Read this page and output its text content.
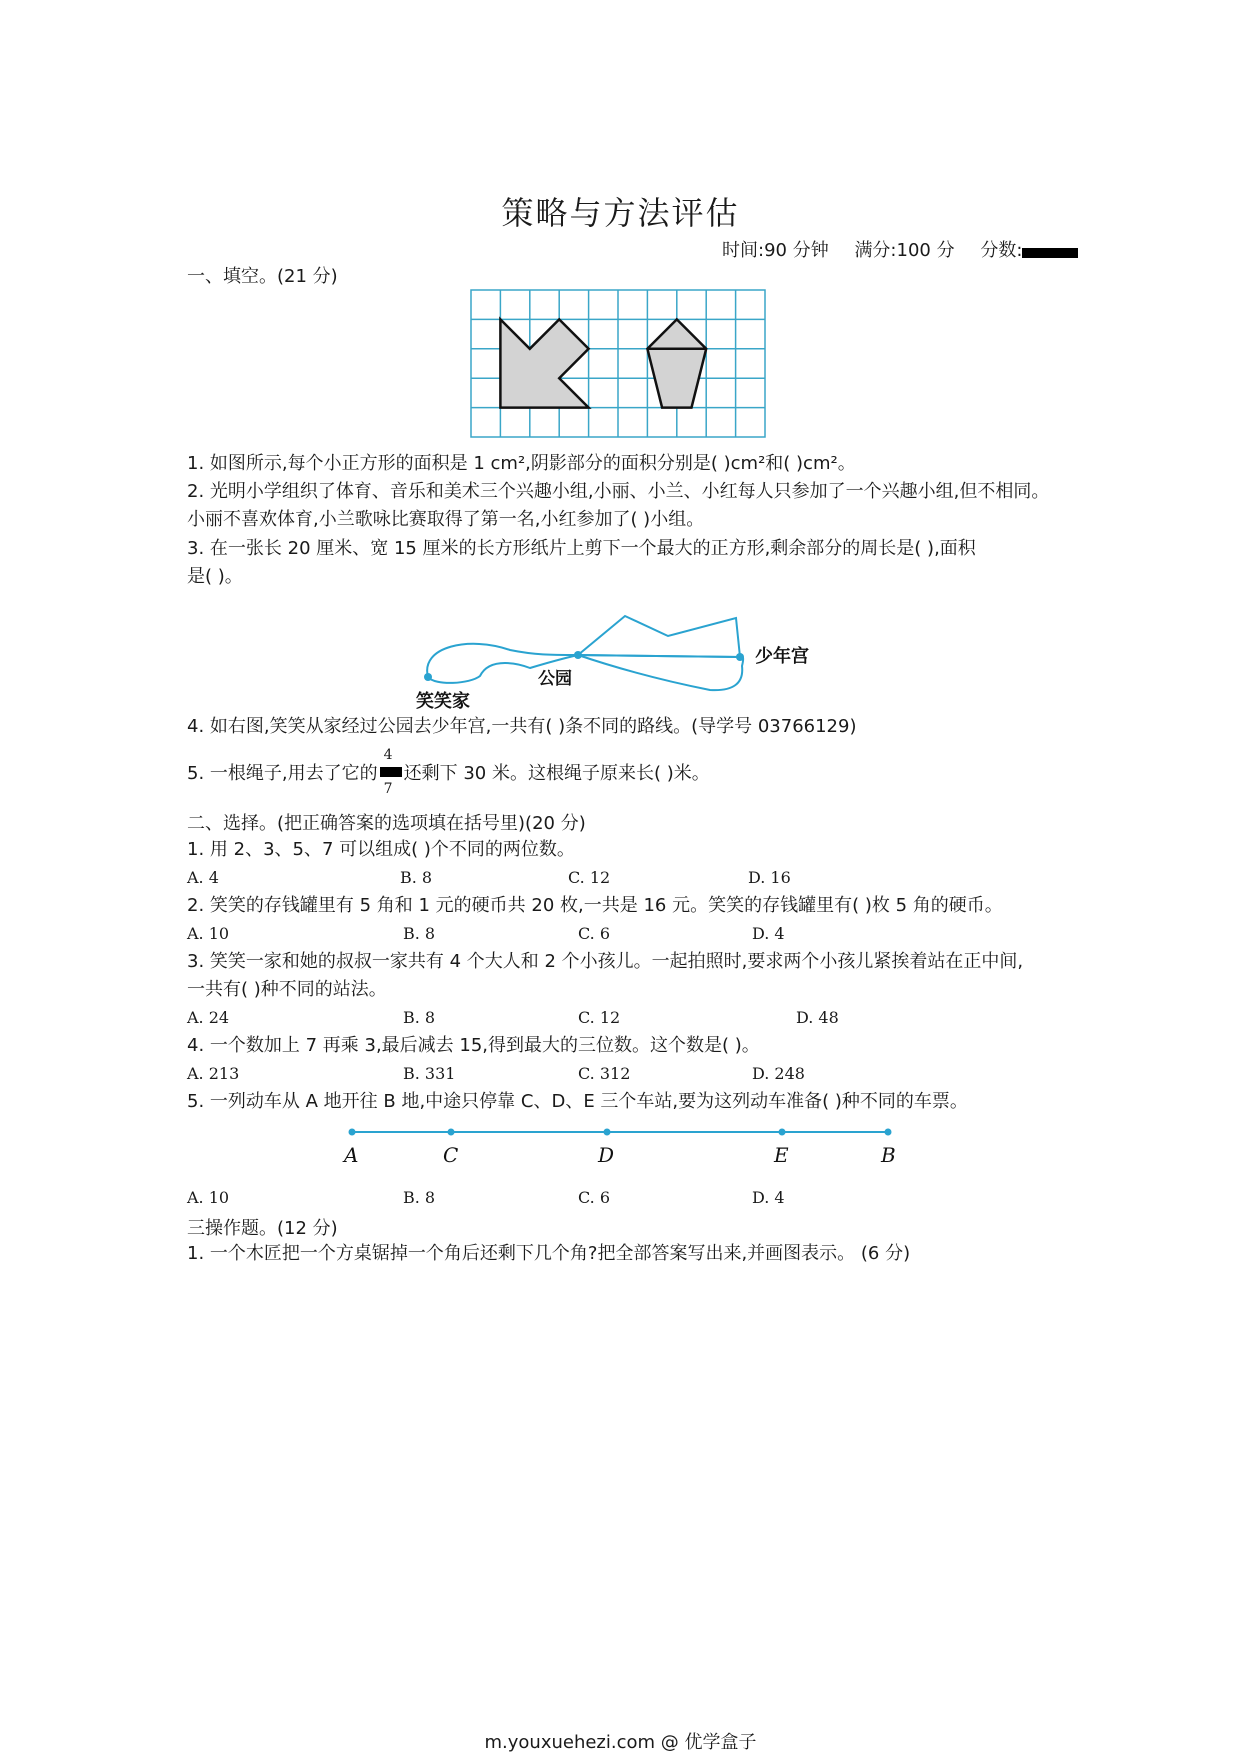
策略与方法评估
时间:90 分钟 满分:100 分 分数:
一、填空。(21 分)
1. 如图所示,每个小正方形的面积是 1 cm²,阴影部分的面积分别是( )cm²和( )cm²。
2. 光明小学组织了体育、音乐和美术三个兴趣小组,小丽、小兰、小红每人只参加了一个兴趣小组,但不相同。
小丽不喜欢体育,小兰歌咏比赛取得了第一名,小红参加了( )小组。
3. 在一张长 20 厘米、宽 15 厘米的长方形纸片上剪下一个最大的正方形,剩余部分的周长是( ),面积
是( )。
笑笑家
公园
少年宫
4. 如右图,笑笑从家经过公园去少年宫,一共有( )条不同的路线。(导学号 03766129)
5. 一根绳子,用去了它的
4
7
还剩下 30 米。这根绳子原来长( )米。
二、选择。(把正确答案的选项填在括号里)(20 分)
1. 用 2、3、5、7 可以组成( )个不同的两位数。
A. 4	B. 8	C. 12	D. 16
2. 笑笑的存钱罐里有 5 角和 1 元的硬币共 20 枚,一共是 16 元。笑笑的存钱罐里有( )枚 5 角的硬币。
A. 10	B. 8	C. 6	D. 4
3. 笑笑一家和她的叔叔一家共有 4 个大人和 2 个小孩儿。一起拍照时,要求两个小孩儿紧挨着站在正中间,
一共有( )种不同的站法。
A. 24	B. 8	C. 12	D. 48
4. 一个数加上 7 再乘 3,最后减去 15,得到最大的三位数。这个数是( )。
A. 213	B. 331	C. 312	D. 248
5. 一列动车从 A 地开往 B 地,中途只停靠 C、D、E 三个车站,要为这列动车准备( )种不同的车票。
A	C	D	E	B
A. 10	B. 8	C. 6	D. 4
三操作题。(12 分)
1. 一个木匠把一个方桌锯掉一个角后还剩下几个角?把全部答案写出来,并画图表示。 (6 分)
m.youxuehezi.com @ 优学盒子
